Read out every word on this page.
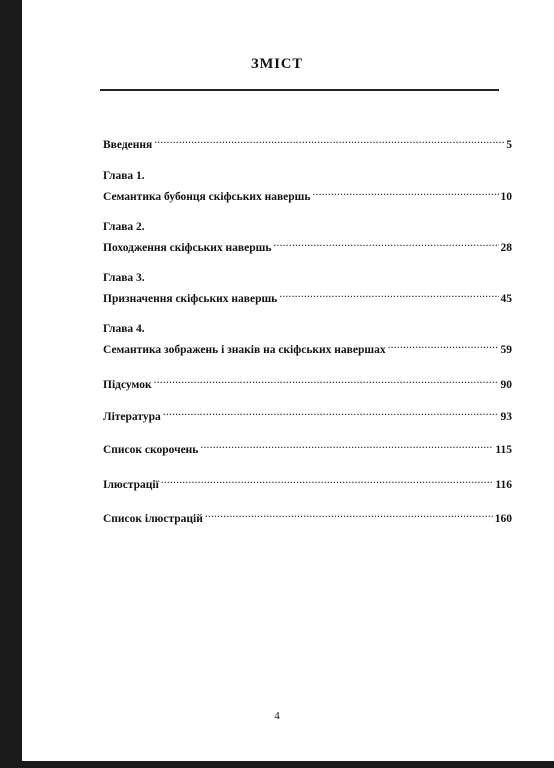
ЗМІСТ
Введення .....	5
Глава 1.
Семантика бубонця скіфських навершь .....	10
Глава 2.
Походження скіфських навершь .....	28
Глава 3.
Призначення скіфських навершь .....	45
Глава 4.
Семантика зображень і знаків на скіфських навершах .....	59
Підсумок .....	90
Література .....	93
Список скорочень .....	115
Ілюстрації .....	116
Список ілюстрацій .....	160
4
